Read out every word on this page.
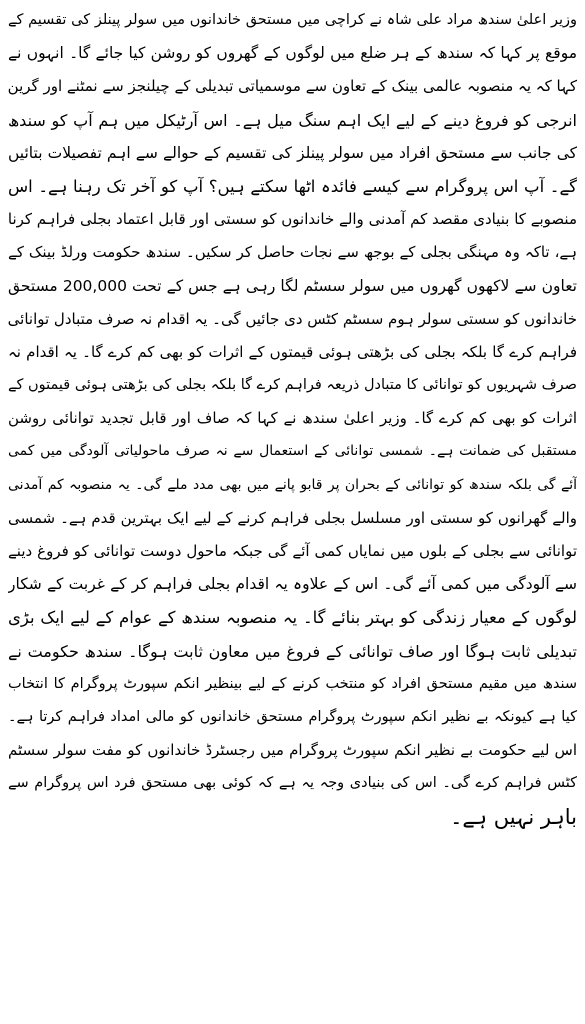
وزیر اعلیٰ سندھ مراد علی شاہ نے کراچی میں مستحق خاندانوں میں سولر پینلز کی تقسیم کے
موقع پر کہا کہ سندھ کے ہر ضلع میں لوگوں کے گھروں کو روشن کیا جائے گا۔ انہوں نے
کہا کہ یہ منصوبہ عالمی بینک کے تعاون سے موسمیاتی تبدیلی کے چیلنجز سے نمٹنے اور گرین
انرجی کو فروغ دینے کے لیے ایک اہم سنگ میل ہے۔ اس آرٹیکل میں ہم آپ کو سندھ
کی جانب سے مستحق افراد میں سولر پینلز کی تقسیم کے حوالے سے اہم تفصیلات بتائیں
گے۔ آپ اس پروگرام سے کیسے فائدہ اٹھا سکتے ہیں؟ آپ کو آخر تک رہنا ہے۔ اس
منصوبے کا بنیادی مقصد کم آمدنی والے خاندانوں کو سستی اور قابل اعتماد بجلی فراہم کرنا
ہے، تاکہ وہ مہنگی بجلی کے بوجھ سے نجات حاصل کر سکیں۔ سندھ حکومت ورلڈ بینک کے
تعاون سے لاکھوں گھروں میں سولر سسٹم لگا رہی ہے جس کے تحت 200,000 مستحق
خاندانوں کو سستی سولر ہوم سسٹم کٹس دی جائیں گی۔ یہ اقدام نہ صرف متبادل توانائی
فراہم کرے گا بلکہ بجلی کی بڑھتی ہوئی قیمتوں کے اثرات کو بھی کم کرے گا۔ یہ اقدام نہ
صرف شہریوں کو توانائی کا متبادل ذریعہ فراہم کرے گا بلکہ بجلی کی بڑھتی ہوئی قیمتوں کے
اثرات کو بھی کم کرے گا۔ وزیر اعلیٰ سندھ نے کہا کہ صاف اور قابل تجدید توانائی روشن
مستقبل کی ضمانت ہے۔ شمسی توانائی کے استعمال سے نہ صرف ماحولیاتی آلودگی میں کمی
آئے گی بلکہ سندھ کو توانائی کے بحران پر قابو پانے میں بھی مدد ملے گی۔ یہ منصوبہ کم آمدنی
والے گھرانوں کو سستی اور مسلسل بجلی فراہم کرنے کے لیے ایک بہترین قدم ہے۔ شمسی
توانائی سے بجلی کے بلوں میں نمایاں کمی آئے گی جبکہ ماحول دوست توانائی کو فروغ دینے
سے آلودگی میں کمی آئے گی۔ اس کے علاوہ یہ اقدام بجلی فراہم کر کے غربت کے شکار
لوگوں کے معیار زندگی کو بہتر بنائے گا۔ یہ منصوبہ سندھ کے عوام کے لیے ایک بڑی
تبدیلی ثابت ہوگا اور صاف توانائی کے فروغ میں معاون ثابت ہوگا۔ سندھ حکومت نے
سندھ میں مقیم مستحق افراد کو منتخب کرنے کے لیے بینظیر انکم سپورٹ پروگرام کا انتخاب
کیا ہے کیونکہ بے نظیر انکم سپورٹ پروگرام مستحق خاندانوں کو مالی امداد فراہم کرتا ہے۔
اس لیے حکومت بے نظیر انکم سپورٹ پروگرام میں رجسٹرڈ خاندانوں کو مفت سولر سسٹم
کٹس فراہم کرے گی۔ اس کی بنیادی وجہ یہ ہے کہ کوئی بھی مستحق فرد اس پروگرام سے
باہر نہیں ہے۔
